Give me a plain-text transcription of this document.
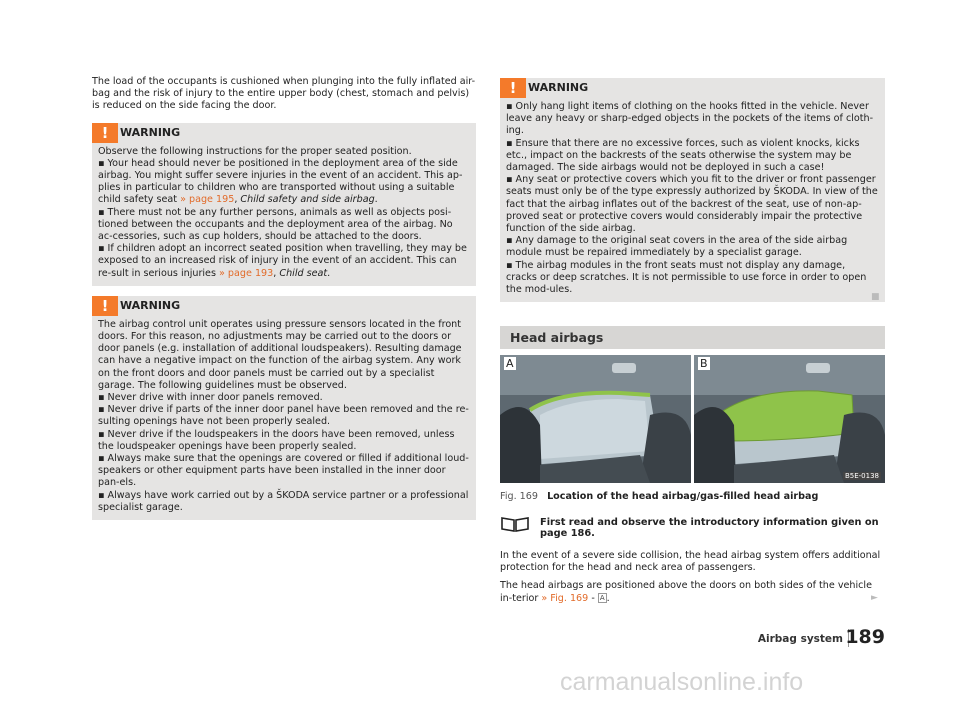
The load of the occupants is cushioned when plunging into the fully inflated air-bag and the risk of injury to the entire upper body (chest, stomach and pelvis) is reduced on the side facing the door.

!	WARNING

Observe the following instructions for the proper seated position.

▪ Your head should never be positioned in the deployment area of the side airbag. You might suffer severe injuries in the event of an accident. This ap-plies in particular to children who are transported without using a suitable child safety seat » page 195, Child safety and side airbag.

▪ There must not be any further persons, animals as well as objects posi-tioned between the occupants and the deployment area of the airbag. No ac-cessories, such as cup holders, should be attached to the doors.

▪ If children adopt an incorrect seated position when travelling, they may be exposed to an increased risk of injury in the event of an accident. This can re-sult in serious injuries » page 193, Child seat.

!	WARNING

The airbag control unit operates using pressure sensors located in the front doors. For this reason, no adjustments may be carried out to the doors or door panels (e.g. installation of additional loudspeakers). Resulting damage can have a negative impact on the function of the airbag system. Any work on the front doors and door panels must be carried out by a specialist garage. The following guidelines must be observed.

▪ Never drive with inner door panels removed.

▪ Never drive if parts of the inner door panel have been removed and the re-sulting openings have not been properly sealed.

▪ Never drive if the loudspeakers in the doors have been removed, unless the loudspeaker openings have been properly sealed.

▪ Always make sure that the openings are covered or filled if additional loud-speakers or other equipment parts have been installed in the inner door pan-els.

▪ Always have work carried out by a ŠKODA service partner or a professional specialist garage.

!	WARNING

▪ Only hang light items of clothing on the hooks fitted in the vehicle. Never leave any heavy or sharp-edged objects in the pockets of the items of cloth-ing.

▪ Ensure that there are no excessive forces, such as violent knocks, kicks etc., impact on the backrests of the seats otherwise the system may be damaged. The side airbags would not be deployed in such a case!

▪ Any seat or protective covers which you fit to the driver or front passenger seats must only be of the type expressly authorized by ŠKODA. In view of the fact that the airbag inflates out of the backrest of the seat, use of non-ap-proved seat or protective covers would considerably impair the protective function of the side airbag.

▪ Any damage to the original seat covers in the area of the side airbag module must be repaired immediately by a specialist garage.

▪ The airbag modules in the front seats must not display any damage, cracks or deep scratches. It is not permissible to use force in order to open the mod-ules.

■
Head airbags
A	B
B5E-0138
Fig. 169 Location of the head airbag/gas-filled head airbag
First read and observe the introductory information given on page 186.

In the event of a severe side collision, the head airbag system offers additional protection for the head and neck area of passengers.

The head airbags are positioned above the doors on both sides of the vehicle in-terior » Fig. 169 - A .	►
Airbag system 189
carmanualsonline.info
